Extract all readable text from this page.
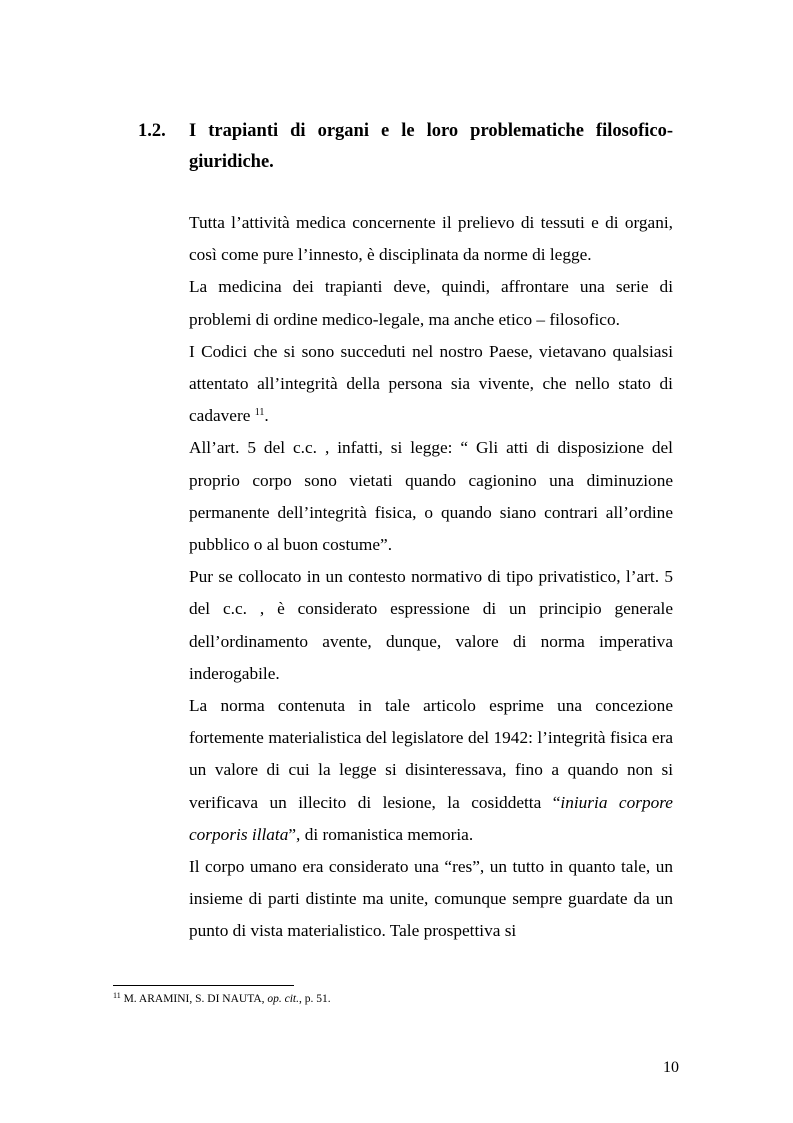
1.2. I trapianti di organi e le loro problematiche filosofico-giuridiche.

Tutta l’attività medica concernente il prelievo di tessuti e di organi, così come pure l’innesto, è disciplinata da norme di legge.

La medicina dei trapianti deve, quindi, affrontare una serie di problemi di ordine medico-legale, ma anche etico – filosofico.

I Codici che si sono succeduti nel nostro Paese, vietavano qualsiasi attentato all’integrità della persona sia vivente, che nello stato di cadavere $^{11}$.

All’art. 5 del c.c. , infatti, si legge: “ Gli atti di disposizione del proprio corpo sono vietati quando cagionino una diminuzione permanente dell’integrità fisica, o quando siano contrari all’ordine pubblico o al buon costume”.

Pur se collocato in un contesto normativo di tipo privatistico, l’art. 5 del c.c. , è considerato espressione di un principio generale dell’ordinamento avente, dunque, valore di norma imperativa inderogabile.

La norma contenuta in tale articolo esprime una concezione fortemente materialistica del legislatore del 1942: l’integrità fisica era un valore di cui la legge si disinteressava, fino a quando non si verificava un illecito di lesione, la cosiddetta “iniuria corpore corporis illata”, di romanistica memoria.

Il corpo umano era considerato una “res”, un tutto in quanto tale, un insieme di parti distinte ma unite, comunque sempre guardate da un punto di vista materialistico. Tale prospettiva si

$^{11}$ M. ARAMINI, S. DI NAUTA, op. cit., p. 51.
10
